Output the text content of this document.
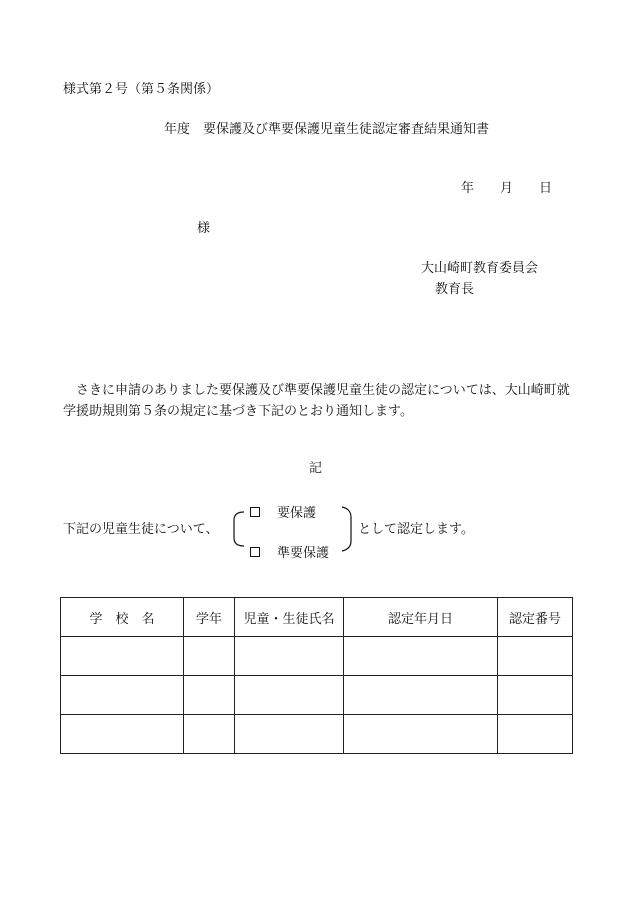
様式第２号（第５条関係）
年度　要保護及び準要保護児童生徒認定審査結果通知書
年 月 日
様
大山崎町教育委員会
教育長
さきに申請のありました要保護及び準要保護児童生徒の認定については、大山崎町就学援助規則第５条の規定に基づき下記のとおり通知します。
記
下記の児童生徒について、
要保護
準要保護
として認定します。
学　校　名	学年	児童・生徒氏名	認定年月日	認定番号
